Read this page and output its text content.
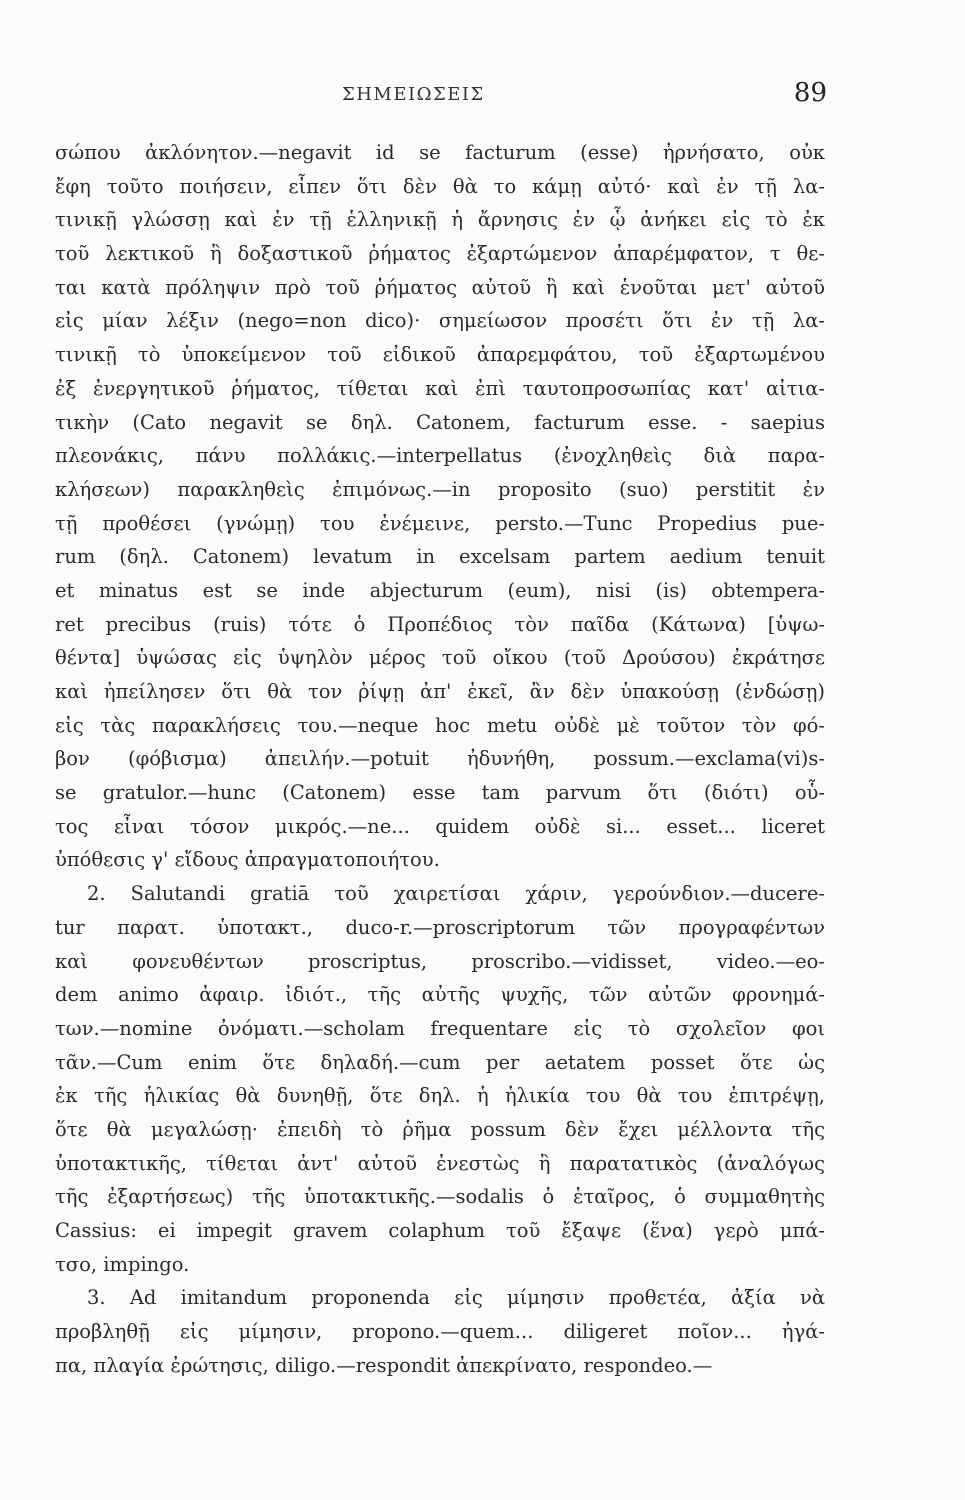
ΣΗΜΕΙΩΣΕΙΣ	89
σώπου ἀκλόνητον.—negavit id se facturum (esse) ἠρνήσατο, οὐκ
ἔφη τοῦτο ποιήσειν, εἶπεν ὅτι δὲν θὰ το κάμῃ αὐτό· καὶ ἐν τῇ λα-
τινικῇ γλώσσῃ καὶ ἐν τῇ ἑλληνικῇ ἡ ἄρνησις ἐν ᾧ ἀνήκει εἰς τὸ ἐκ
τοῦ λεκτικοῦ ἢ δοξαστικοῦ ῥήματος ἐξαρτώμενον ἀπαρέμφατον, τ θε-
ται κατὰ πρόληψιν πρὸ τοῦ ῥήματος αὐτοῦ ἢ καὶ ἑνοῦται μετ' αὐτοῦ
εἰς μίαν λέξιν (nego=non dico)· σημείωσον προσέτι ὅτι ἐν τῇ λα-
τινικῇ τὸ ὑποκείμενον τοῦ εἰδικοῦ ἀπαρεμφάτου, τοῦ ἐξαρτωμένου
ἐξ ἐνεργητικοῦ ῥήματος, τίθεται καὶ ἐπὶ ταυτοπροσωπίας κατ' αἰτια-
τικὴν (Cato negavit se δηλ. Catonem, facturum esse. - saepius
πλεονάκις, πάνυ πολλάκις.—interpellatus (ἐνοχληθεὶς διὰ παρα-
κλήσεων) παρακληθεὶς ἐπιμόνως.—in proposito (suo) perstitit ἐν
τῇ προθέσει (γνώμῃ) του ἐνέμεινε, persto.—Tunc Propedius pue-
rum (δηλ. Catonem) levatum in excelsam partem aedium tenuit
et minatus est se inde abjecturum (eum), nisi (is) obtemperа-
ret precibus (ruis) τότε ὁ Προπέδιος τὸν παῖδα (Κάτωνα) [ὑψω-
θέντα] ὑψώσας εἰς ὑψηλὸν μέρος τοῦ οἴκου (τοῦ Δρούσου) ἐκράτησε
καὶ ἠπείλησεν ὅτι θὰ τον ῥίψῃ ἀπ' ἐκεῖ, ἂν δὲν ὑπακούσῃ (ἐνδώσῃ)
εἰς τὰς παρακλήσεις του.—neque hoc metu οὐδὲ μὲ τοῦτον τὸν φό-
βον (φόβισμα) ἀπειλήν.—potuit ἠδυνήθη, possum.—exclama(vi)s-
se gratulor.—hunc (Catonem) esse tam parvum ὅτι (διότι) οὗ-
τος εἶναι τόσον μικρός.—ne... quidem οὐδὲ si... esset... liceret
ὑπόθεσις γ' εἴδους ἀπραγματοποιήτου.
2. Salutandi gratiā τοῦ χαιρετίσαι χάριν, γερούνδιον.—ducere-
tur παρατ. ὑποτακτ., duco-r.—proscriptorum τῶν προγραφέντων
καὶ φονευθέντων proscriptus, proscribo.—vidisset, video.—eo-
dem animo ἀφαιρ. ἰδιότ., τῆς αὐτῆς ψυχῆς, τῶν αὐτῶν φρονημά-
των.—nomine ὀνόματι.—scholam frequentare εἰς τὸ σχολεῖον φοι
τᾶν.—Cum enim ὅτε δηλαδή.—cum per aetatem posset ὅτε ὡς
ἐκ τῆς ἡλικίας θὰ δυνηθῇ, ὅτε δηλ. ἡ ἡλικία του θὰ του ἐπιτρέψῃ,
ὅτε θὰ μεγαλώσῃ· ἐπειδὴ τὸ ῥῆμα possum δὲν ἔχει μέλλοντα τῆς
ὑποτακτικῆς, τίθεται ἀντ' αὐτοῦ ἐνεστὼς ἢ παρατατικὸς (ἀναλόγως
τῆς ἐξαρτήσεως) τῆς ὑποτακτικῆς.—sodalis ὁ ἑταῖρος, ὁ συμμαθητὴς
Cassius: ei impegit gravem colaphum τοῦ ἔξαψε (ἕνα) γερὸ μπά-
τσο, impingo.
3. Ad imitandum proponenda εἰς μίμησιν προθετέα, ἀξία νὰ
προβληθῇ εἰς μίμησιν, propono.—quem... diligeret ποῖον... ἠγά-
πα, πλαγία ἐρώτησις, diligo.—respondit ἀπεκρίνατο, respondeo.—
